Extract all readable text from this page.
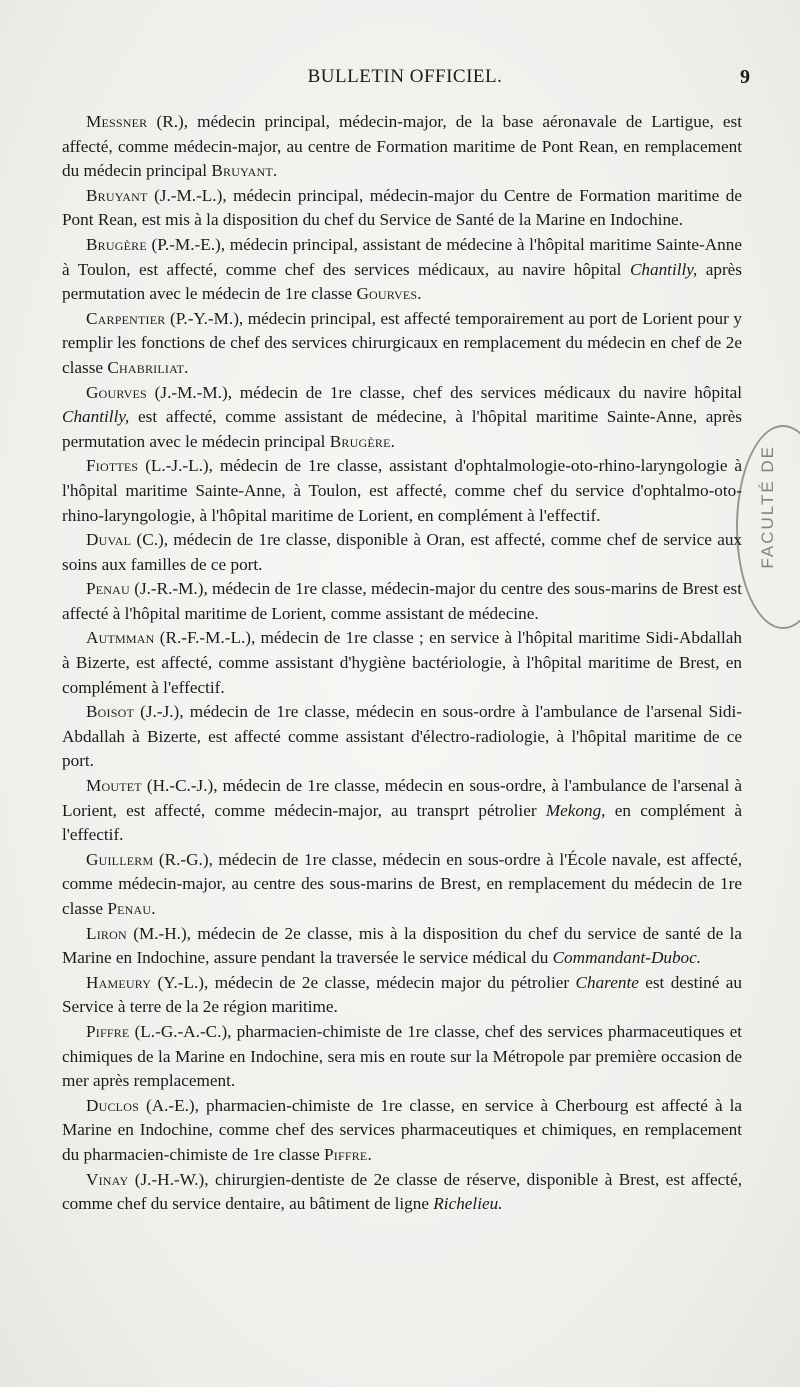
BULLETIN OFFICIEL.	9
FACULTÉ DE

Messner (R.), médecin principal, médecin-major, de la base aéronavale de Lartigue, est affecté, comme médecin-major, au centre de Formation maritime de Pont Rean, en remplacement du médecin principal Bruyant.

Bruyant (J.-M.-L.), médecin principal, médecin-major du Centre de Formation maritime de Pont Rean, est mis à la disposition du chef du Service de Santé de la Marine en Indochine.

Brugère (P.-M.-E.), médecin principal, assistant de médecine à l'hôpital maritime Sainte-Anne à Toulon, est affecté, comme chef des services médicaux, au navire hôpital Chantilly, après permutation avec le médecin de 1re classe Gourves.

Carpentier (P.-Y.-M.), médecin principal, est affecté temporairement au port de Lorient pour y remplir les fonctions de chef des services chirurgicaux en remplacement du médecin en chef de 2e classe Chabriliat.

Gourves (J.-M.-M.), médecin de 1re classe, chef des services médicaux du navire hôpital Chantilly, est affecté, comme assistant de médecine, à l'hôpital maritime Sainte-Anne, après permutation avec le médecin principal Brugère.

Fiottes (L.-J.-L.), médecin de 1re classe, assistant d'ophtalmologie-oto-rhino-laryngologie à l'hôpital maritime Sainte-Anne, à Toulon, est affecté, comme chef du service d'ophtalmo-oto-rhino-laryngologie, à l'hôpital maritime de Lorient, en complément à l'effectif.

Duval (C.), médecin de 1re classe, disponible à Oran, est affecté, comme chef de service aux soins aux familles de ce port.

Penau (J.-R.-M.), médecin de 1re classe, médecin-major du centre des sous-marins de Brest est affecté à l'hôpital maritime de Lorient, comme assistant de médecine.

Autmman (R.-F.-M.-L.), médecin de 1re classe ; en service à l'hôpital maritime Sidi-Abdallah à Bizerte, est affecté, comme assistant d'hygiène bactériologie, à l'hôpital maritime de Brest, en complément à l'effectif.

Boisot (J.-J.), médecin de 1re classe, médecin en sous-ordre à l'ambulance de l'arsenal Sidi-Abdallah à Bizerte, est affecté comme assistant d'électro-radiologie, à l'hôpital maritime de ce port.

Moutet (H.-C.-J.), médecin de 1re classe, médecin en sous-ordre, à l'ambulance de l'arsenal à Lorient, est affecté, comme médecin-major, au transprt pétrolier Mekong, en complément à l'effectif.

Guillerm (R.-G.), médecin de 1re classe, médecin en sous-ordre à l'École navale, est affecté, comme médecin-major, au centre des sous-marins de Brest, en remplacement du médecin de 1re classe Penau.

Liron (M.-H.), médecin de 2e classe, mis à la disposition du chef du service de santé de la Marine en Indochine, assure pendant la traversée le service médical du Commandant-Duboc.

Hameury (Y.-L.), médecin de 2e classe, médecin major du pétrolier Charente est destiné au Service à terre de la 2e région maritime.

Piffre (L.-G.-A.-C.), pharmacien-chimiste de 1re classe, chef des services pharmaceutiques et chimiques de la Marine en Indochine, sera mis en route sur la Métropole par première occasion de mer après remplacement.

Duclos (A.-E.), pharmacien-chimiste de 1re classe, en service à Cherbourg est affecté à la Marine en Indochine, comme chef des services pharmaceutiques et chimiques, en remplacement du pharmacien-chimiste de 1re classe Piffre.

Vinay (J.-H.-W.), chirurgien-dentiste de 2e classe de réserve, disponible à Brest, est affecté, comme chef du service dentaire, au bâtiment de ligne Richelieu.
